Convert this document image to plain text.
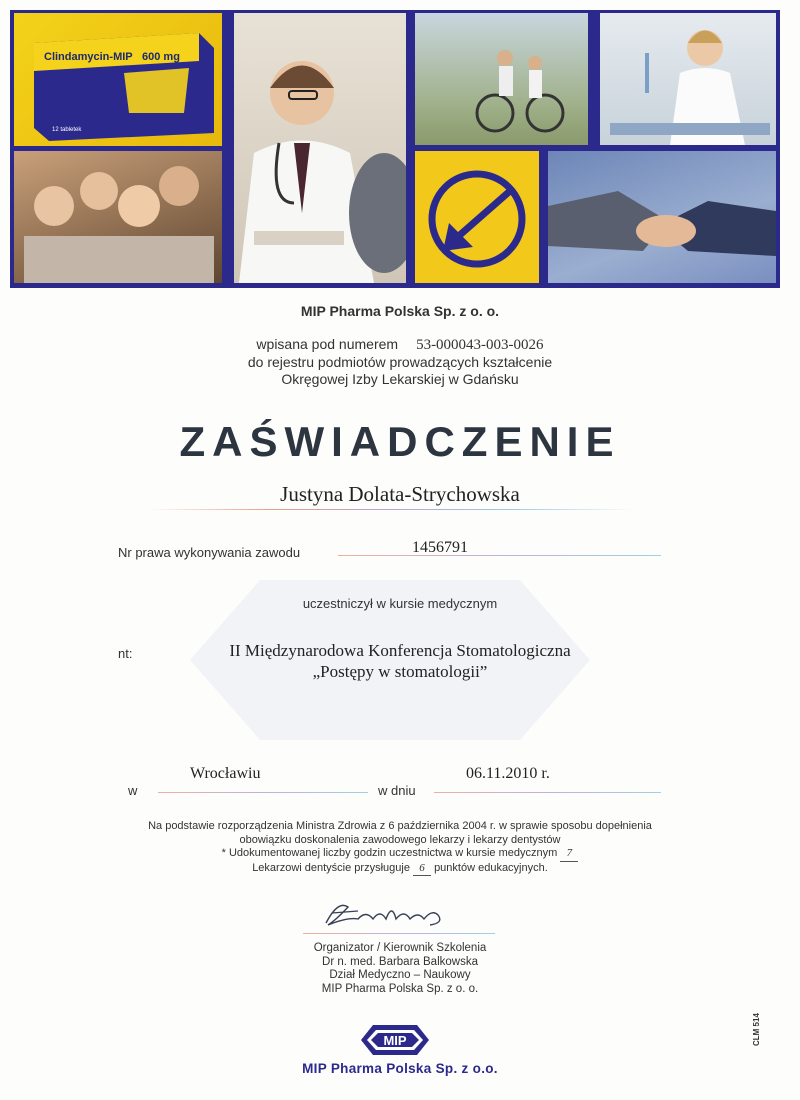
Clindamycin-MIP 600 mg
12 tabletek
MIP Pharma Polska Sp. z o. o.
wpisana pod numerem 53-000043-003-0026
do rejestru podmiotów prowadzących kształcenie
Okręgowej Izby Lekarskiej w Gdańsku
ZAŚWIADCZENIE
Justyna Dolata-Strychowska
Nr prawa wykonywania zawodu	1456791
uczestniczył w kursie medycznym
nt:	II Międzynarodowa Konferencja Stomatologiczna
„Postępy w stomatologii”
w
Wrocławiu
w dniu
06.11.2010 r.
Na podstawie rozporządzenia Ministra Zdrowia z 6 października 2004 r. w sprawie sposobu dopełnienia
obowiązku doskonalenia zawodowego lekarzy i lekarzy dentystów
* Udokumentowanej liczby godzin uczestnictwa w kursie medycznym 7
Lekarzowi dentyście przysługuje 6 punktów edukacyjnych.
Organizator / Kierownik Szkolenia
Dr n. med. Barbara Balkowska
Dział Medyczno – Naukowy
MIP Pharma Polska Sp. z o. o.
MIP
MIP Pharma Polska Sp. z o.o.
CLM 514
